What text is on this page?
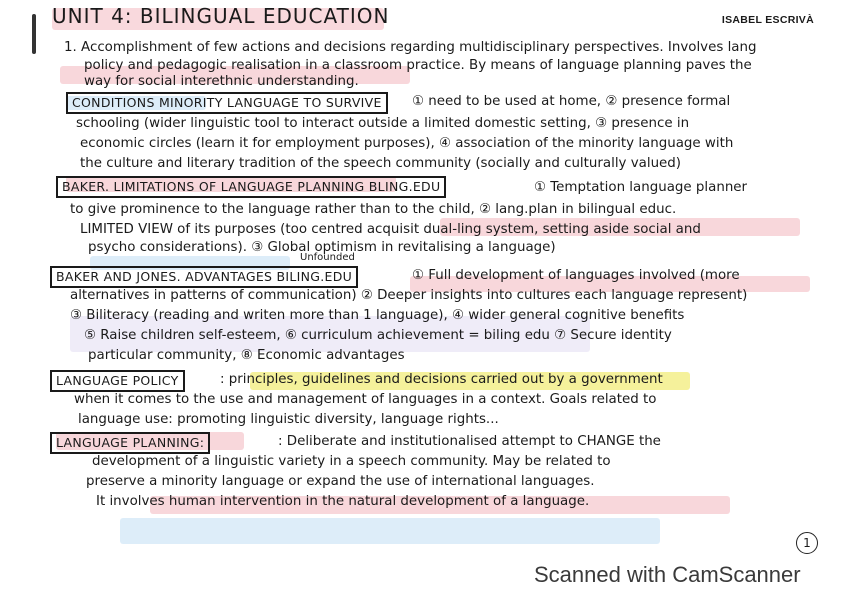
UNIT 4: BILINGUAL EDUCATION	ISABEL ESCRIVÀ
1. Accomplishment of few actions and decisions regarding multidisciplinary perspectives. Involves lang
policy and pedagogic realisation in a classroom practice. By means of language planning paves the
way for social interethnic understanding.
CONDITIONS MINORITY LANGUAGE TO SURVIVE	① need to be used at home, ② presence formal
schooling (wider linguistic tool to interact outside a limited domestic setting, ③ presence in
economic circles (learn it for employment purposes), ④ association of the minority language with
the culture and literary tradition of the speech community (socially and culturally valued)
BAKER. LIMITATIONS OF LANGUAGE PLANNING BLING.EDU	① Temptation language planner
to give prominence to the language rather than to the child, ② lang.plan in bilingual educ.
LIMITED VIEW of its purposes (too centred acquisit dual-ling system, setting aside social and
psycho considerations). ③ Global optimism in revitalising a language)
Unfounded
BAKER AND JONES. ADVANTAGES BILING.EDU	① Full development of languages involved (more
alternatives in patterns of communication) ② Deeper insights into cultures each language represent)
③ Biliteracy (reading and writen more than 1 language), ④ wider general cognitive benefits
⑤ Raise children self-esteem, ⑥ curriculum achievement = biling edu ⑦ Secure identity
particular community, ⑧ Economic advantages
LANGUAGE POLICY	: principles, guidelines and decisions carried out by a government
when it comes to the use and management of languages in a context. Goals related to
language use: promoting linguistic diversity, language rights...
LANGUAGE PLANNING:	: Deliberate and institutionalised attempt to CHANGE the
development of a linguistic variety in a speech community. May be related to
preserve a minority language or expand the use of international languages.
It involves human intervention in the natural development of a language.
1
Scanned with CamScanner
